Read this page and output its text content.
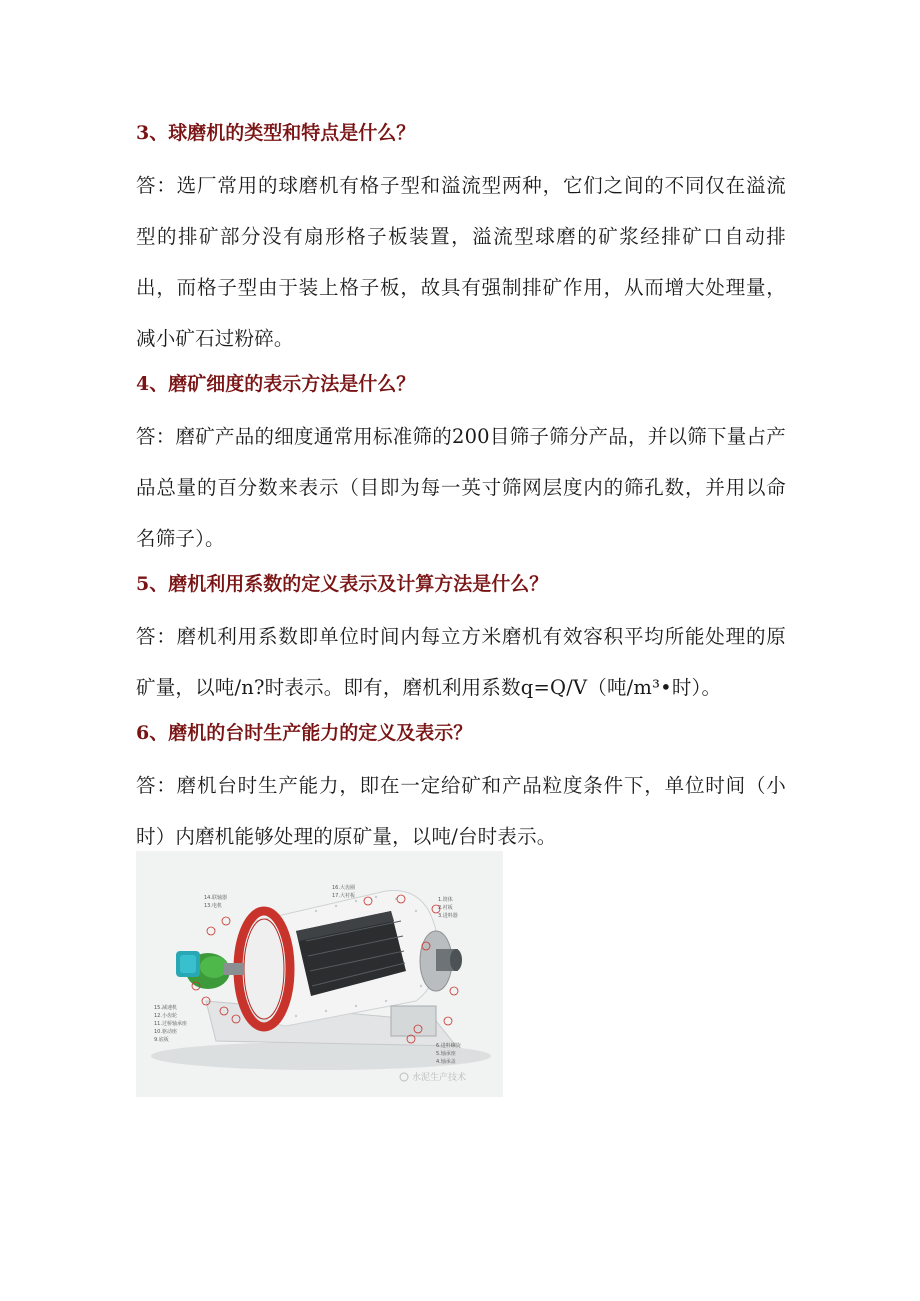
3、球磨机的类型和特点是什么？

答：选厂常用的球磨机有格子型和溢流型两种，它们之间的不同仅在溢流型的排矿部分没有扇形格子板装置，溢流型球磨的矿浆经排矿口自动排出，而格子型由于装上格子板，故具有强制排矿作用，从而增大处理量，减小矿石过粉碎。

4、磨矿细度的表示方法是什么？

答：磨矿产品的细度通常用标准筛的200目筛子筛分产品，并以筛下量占产品总量的百分数来表示（目即为每一英寸筛网层度内的筛孔数，并用以命名筛子）。

5、磨机利用系数的定义表示及计算方法是什么？

答：磨机利用系数即单位时间内每立方米磨机有效容积平均所能处理的原矿量，以吨/n?时表示。即有，磨机利用系数q=Q/V（吨/m³•时）。

6、磨机的台时生产能力的定义及表示？

答：磨机台时生产能力，即在一定给矿和产品粒度条件下，单位时间（小时）内磨机能够处理的原矿量，以吨/台时表示。

14.联轴器
13.电机
16.大齿圈
17.大衬板
1.筒体
2.衬板
3.进料器
15.减速机
12.小齿轮
11.过桥轴承座
10.驱动座
9.底板
6.进料螺旋
5.轴承座
4.轴承盖
水泥生产技术
